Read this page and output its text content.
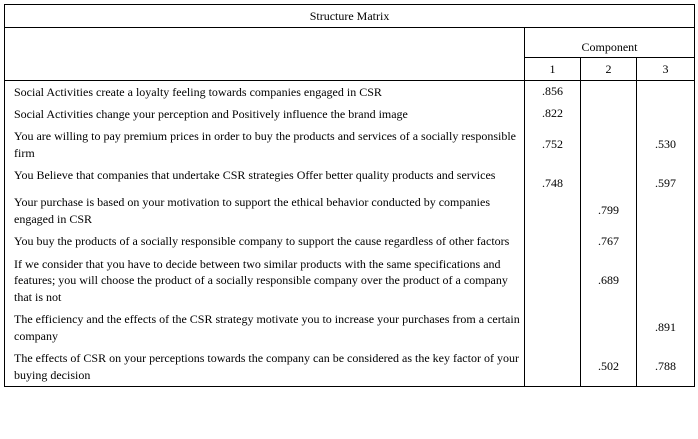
Structure Matrix			
	Component		
	1	2	3
Social Activities create a loyalty feeling towards companies engaged in CSR	.856		
Social Activities change your perception and Positively influence the brand image	.822		
You are willing to pay premium prices in order to buy the products and services of a socially responsible firm	.752		.530
You Believe that companies that undertake CSR strategies Offer better quality products and services	.748		.597
Your purchase is based on your motivation to support the ethical behavior conducted by companies engaged in CSR		.799	
You buy the products of a socially responsible company to support the cause regardless of other factors		.767	
If we consider that you have to decide between two similar products with the same specifications and features; you will choose the product of a socially responsible company over the product of a company that is not		.689	
The efficiency and the effects of the CSR strategy motivate you to increase your purchases from a certain company			.891
The effects of CSR on your perceptions towards the company can be considered as the key factor of your buying decision		.502	.788
